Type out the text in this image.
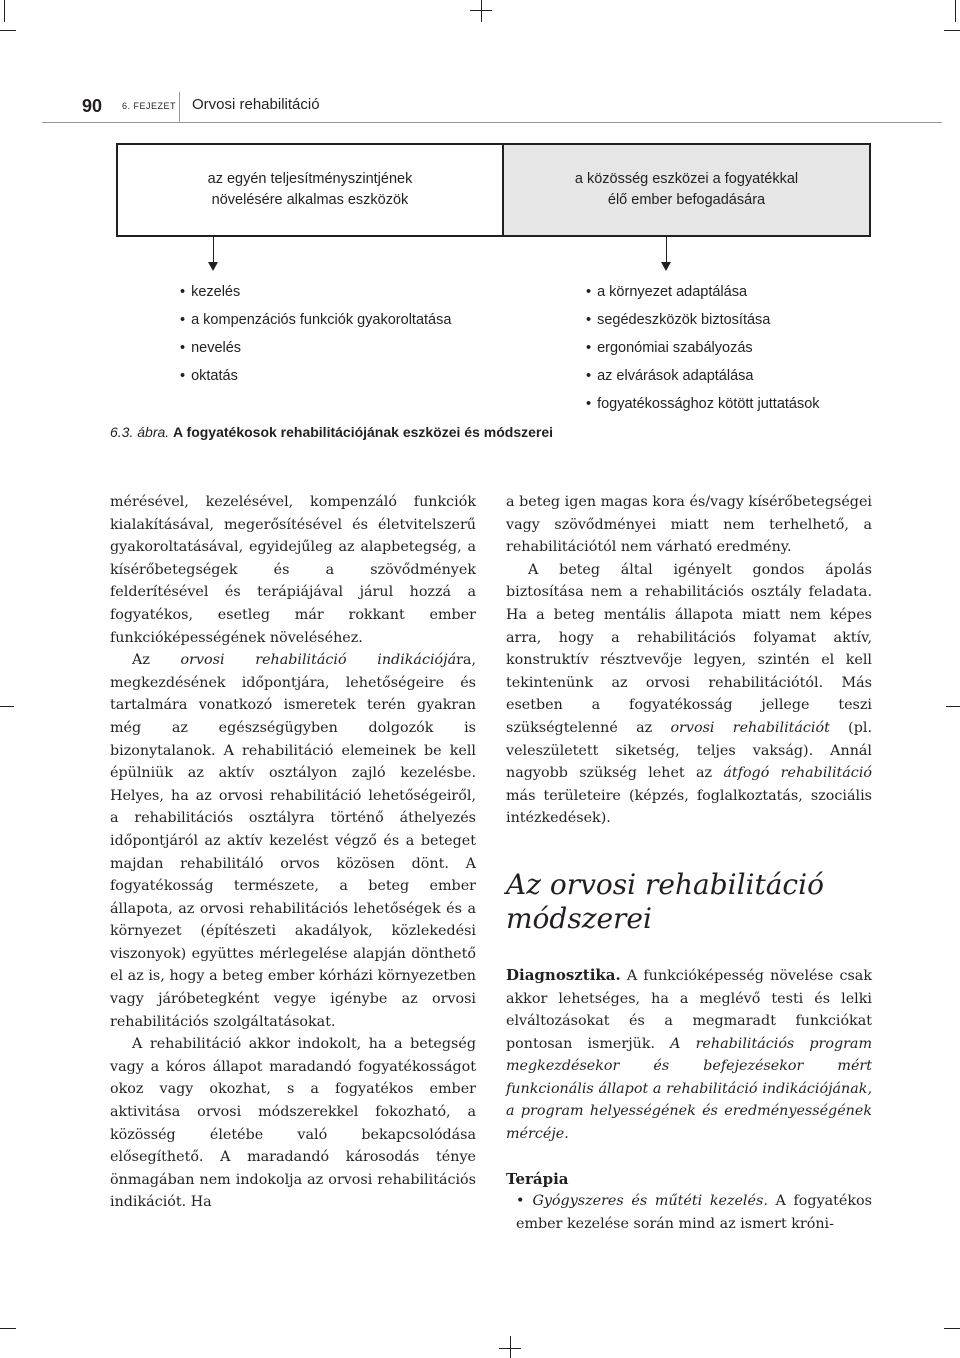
90 6. FEJEZET Orvosi rehabilitáció
az egyén teljesítményszintjének
növelésére alkalmas eszközök
a közösség eszközei a fogyatékkal
élő ember befogadására
• kezelés
• a kompenzációs funkciók gyakoroltatása
• nevelés
• oktatás
• a környezet adaptálása
• segédeszközök biztosítása
• ergonómiai szabályozás
• az elvárások adaptálása
• fogyatékossághoz kötött juttatások
6.3. ábra. A fogyatékosok rehabilitációjának eszközei és módszerei

mérésével, kezelésével, kompenzáló funkciók kialakításával, megerősítésével és életvitelszerű gyakoroltatásával, egyidejűleg az alapbetegség, a kísérőbetegségek és a szövődmények felderítésével és terápiájával járul hozzá a fogyatékos, esetleg már rokkant ember funkcióképességének növeléséhez.

Az orvosi rehabilitáció indikációjára, megkezdésének időpontjára, lehetőségeire és tartalmára vonatkozó ismeretek terén gyakran még az egészségügyben dolgozók is bizonytalanok. A rehabilitáció elemeinek be kell épülniük az aktív osztályon zajló kezelésbe. Helyes, ha az orvosi rehabilitáció lehetőségeiről, a rehabilitációs osztályra történő áthelyezés időpontjáról az aktív kezelést végző és a beteget majdan rehabilitáló orvos közösen dönt. A fogyatékosság természete, a beteg ember állapota, az orvosi rehabilitációs lehetőségek és a környezet (építészeti akadályok, közlekedési viszonyok) együttes mérlegelése alapján dönthető el az is, hogy a beteg ember kórházi környezetben vagy járóbetegként vegye igénybe az orvosi rehabilitációs szolgáltatásokat.

A rehabilitáció akkor indokolt, ha a betegség vagy a kóros állapot maradandó fogyatékosságot okoz vagy okozhat, s a fogyatékos ember aktivitása orvosi módszerekkel fokozható, a közösség életébe való bekapcsolódása elősegíthető. A maradandó károsodás ténye önmagában nem indokolja az orvosi rehabilitációs indikációt. Ha

a beteg igen magas kora és/vagy kísérőbetegségei vagy szövődményei miatt nem terhelhető, a rehabilitációtól nem várható eredmény.

A beteg által igényelt gondos ápolás biztosítása nem a rehabilitációs osztály feladata. Ha a beteg mentális állapota miatt nem képes arra, hogy a rehabilitációs folyamat aktív, konstruktív résztvevője legyen, szintén el kell tekintenünk az orvosi rehabilitációtól. Más esetben a fogyatékosság jellege teszi szükségtelenné az orvosi rehabilitációt (pl. veleszületett siketség, teljes vakság). Annál nagyobb szükség lehet az átfogó rehabilitáció más területeire (képzés, foglalkoztatás, szociális intézkedések).

Az orvosi rehabilitáció módszerei

Diagnosztika. A funkcióképesség növelése csak akkor lehetséges, ha a meglévő testi és lelki elváltozásokat és a megmaradt funkciókat pontosan ismerjük. A rehabilitációs program megkezdésekor és befejezésekor mért funkcionális állapot a rehabilitáció indikációjának, a program helyességének és eredményességének mércéje.

Terápia

• Gyógyszeres és műtéti kezelés. A fogyatékos ember kezelése során mind az ismert króni-
